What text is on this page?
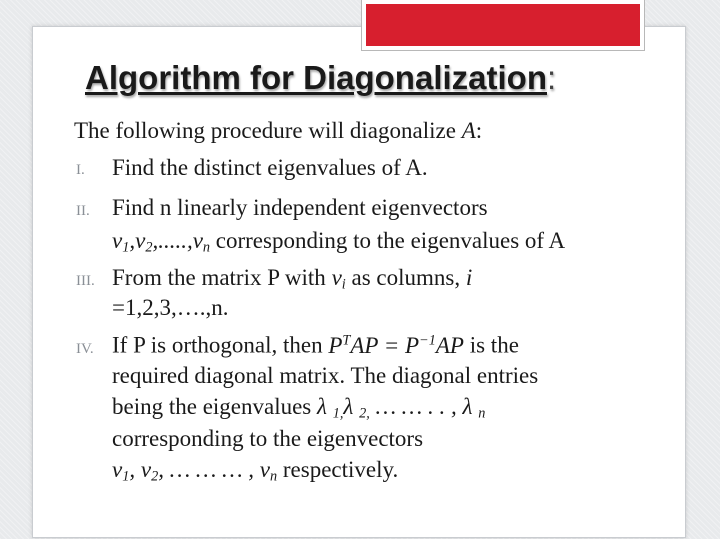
Algorithm for Diagonalization:
The following procedure will diagonalize A:
I. Find the distinct eigenvalues of A.
II. Find n linearly independent eigenvectors
$v_1,v_2,.....,v_n$ corresponding to the eigenvalues of A
III. From the matrix P with $v_i$ as columns, i
=1,2,3,….,n.
IV. If P is orthogonal, then $P^TAP = P^{-1}AP$ is the
required diagonal matrix. The diagonal entries
being the eigenvalues λ $_{1,}$λ $_{2,}$ … … . . , λ $_n$
corresponding to the eigenvectors
$v_1$, $v_2$, … … … , $v_n$ respectively.
